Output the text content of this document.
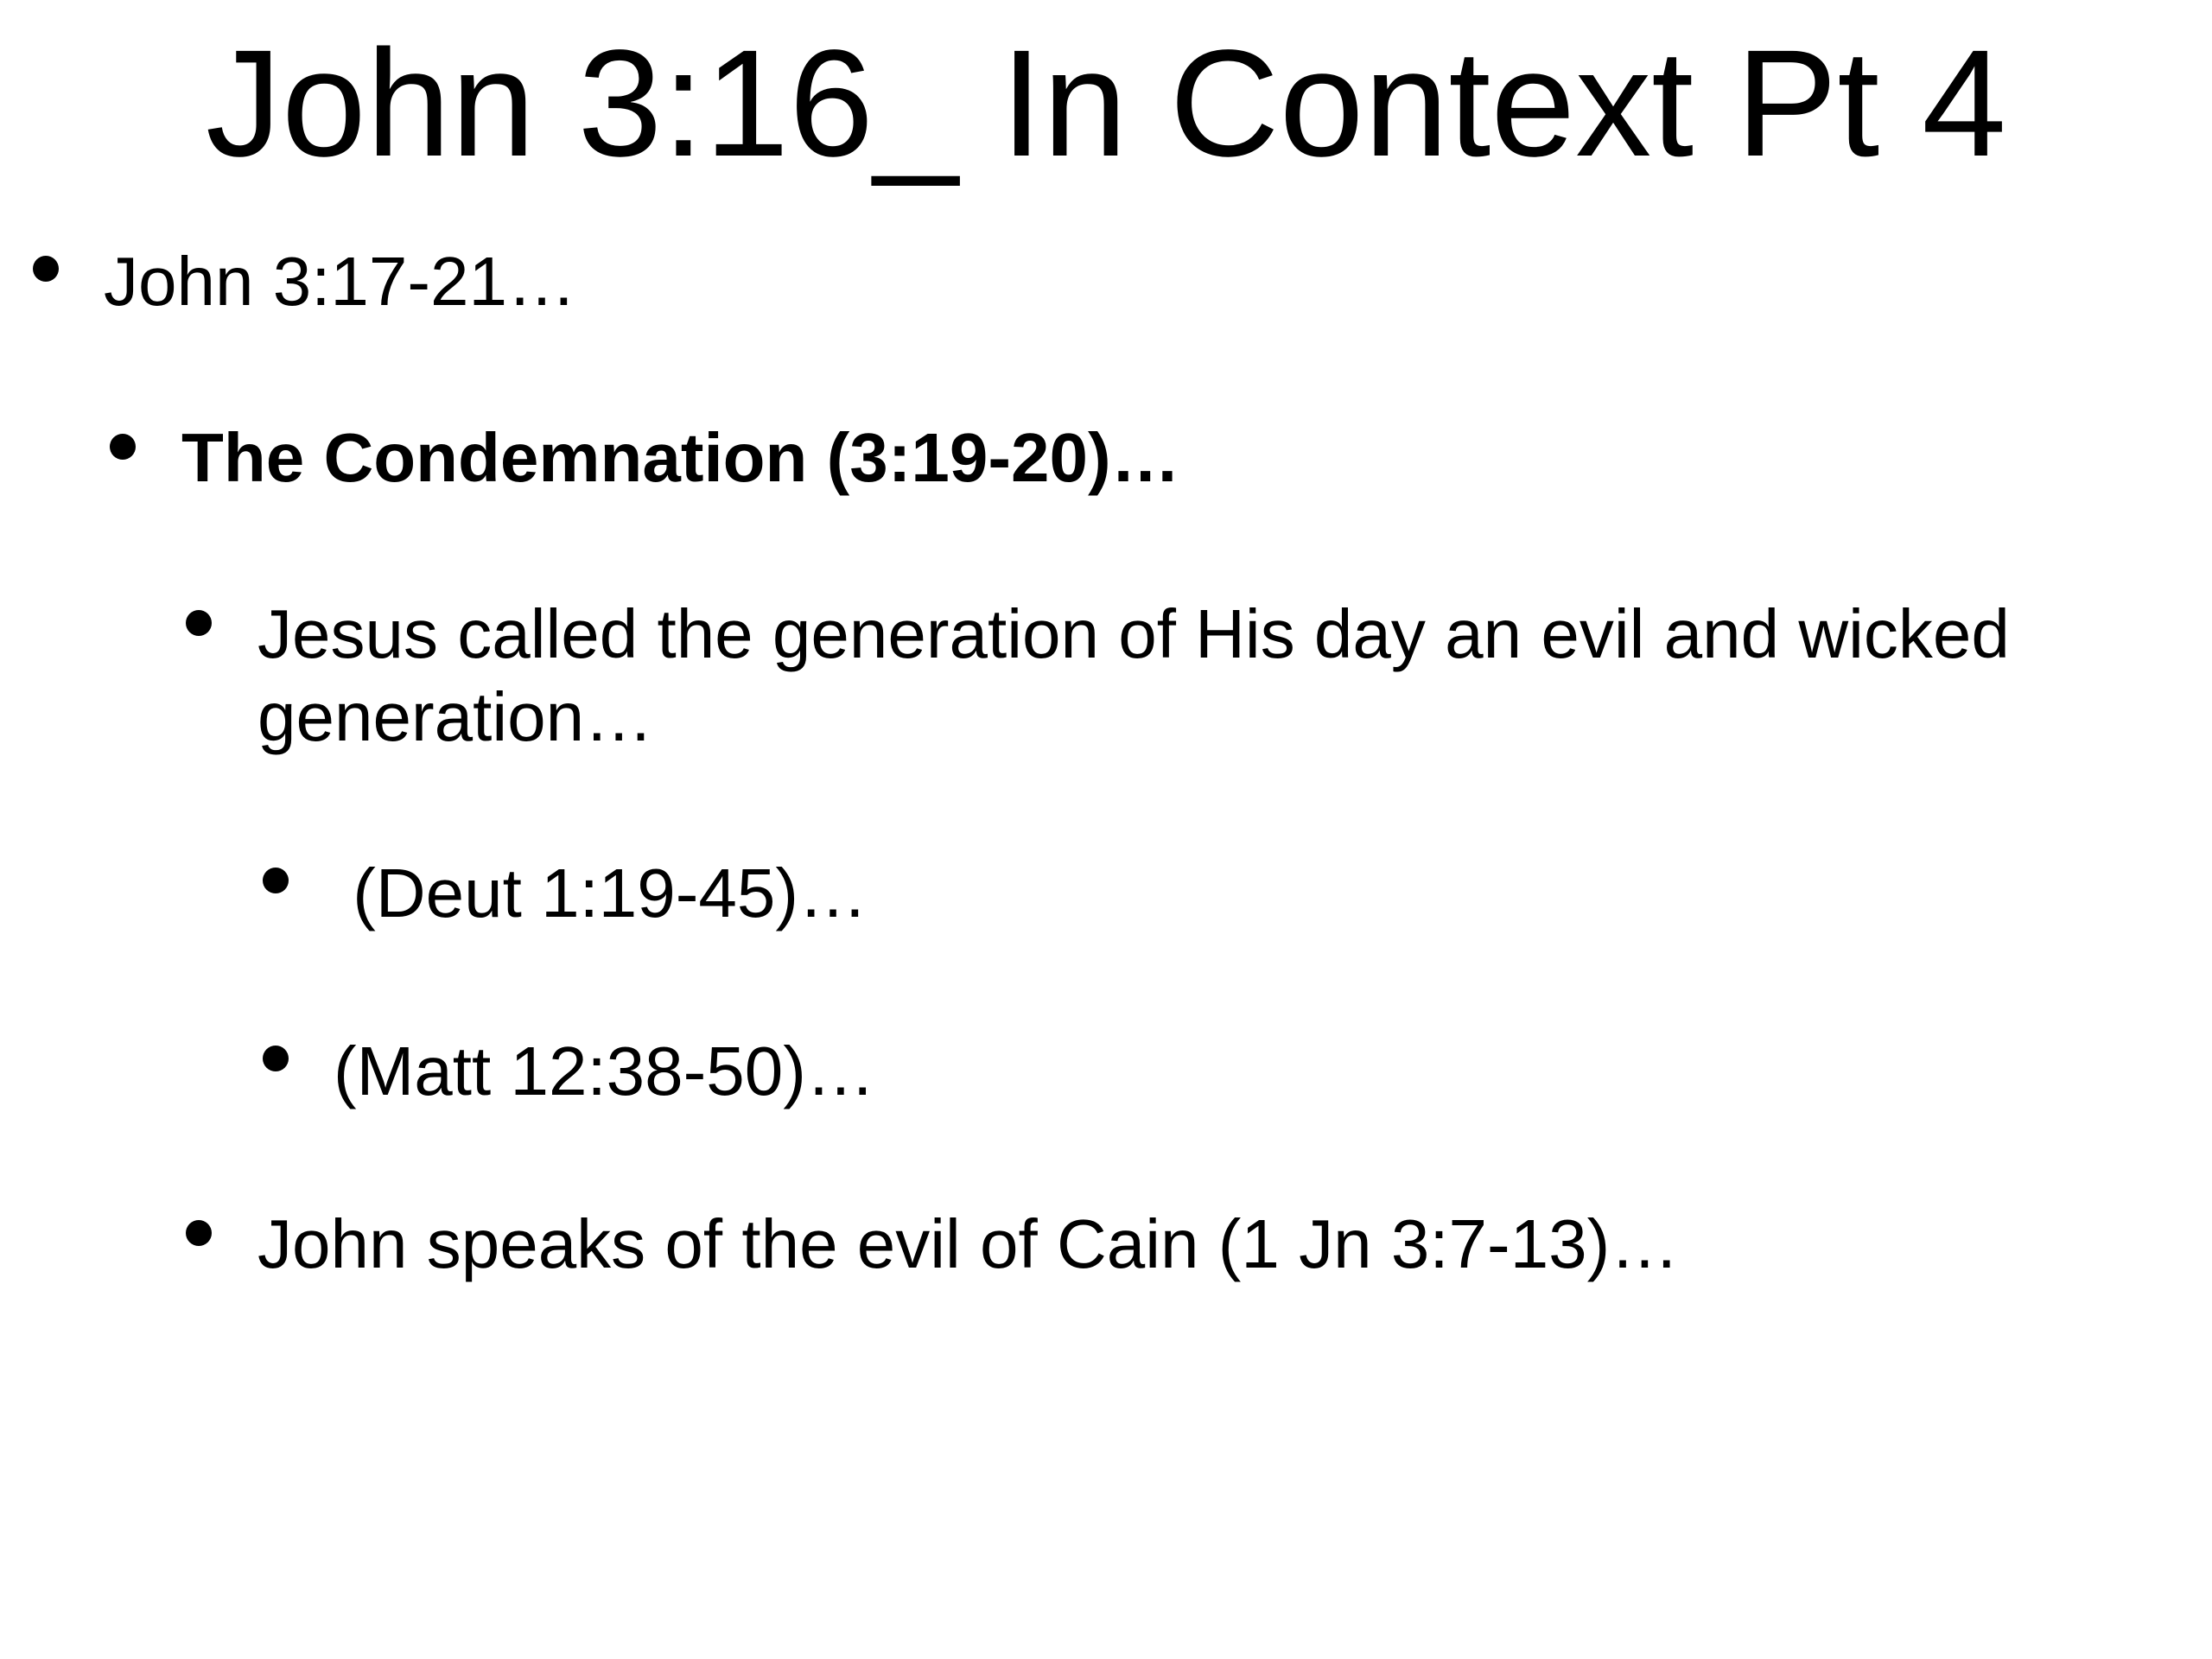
John 3:16_ In Context Pt 4
John 3:17-21…
The Condemnation (3:19-20)…
Jesus called the generation of His day an evil and wicked
generation…
(Deut 1:19-45)…
(Matt 12:38-50)…
John speaks of the evil of Cain (1 Jn 3:7-13)…
